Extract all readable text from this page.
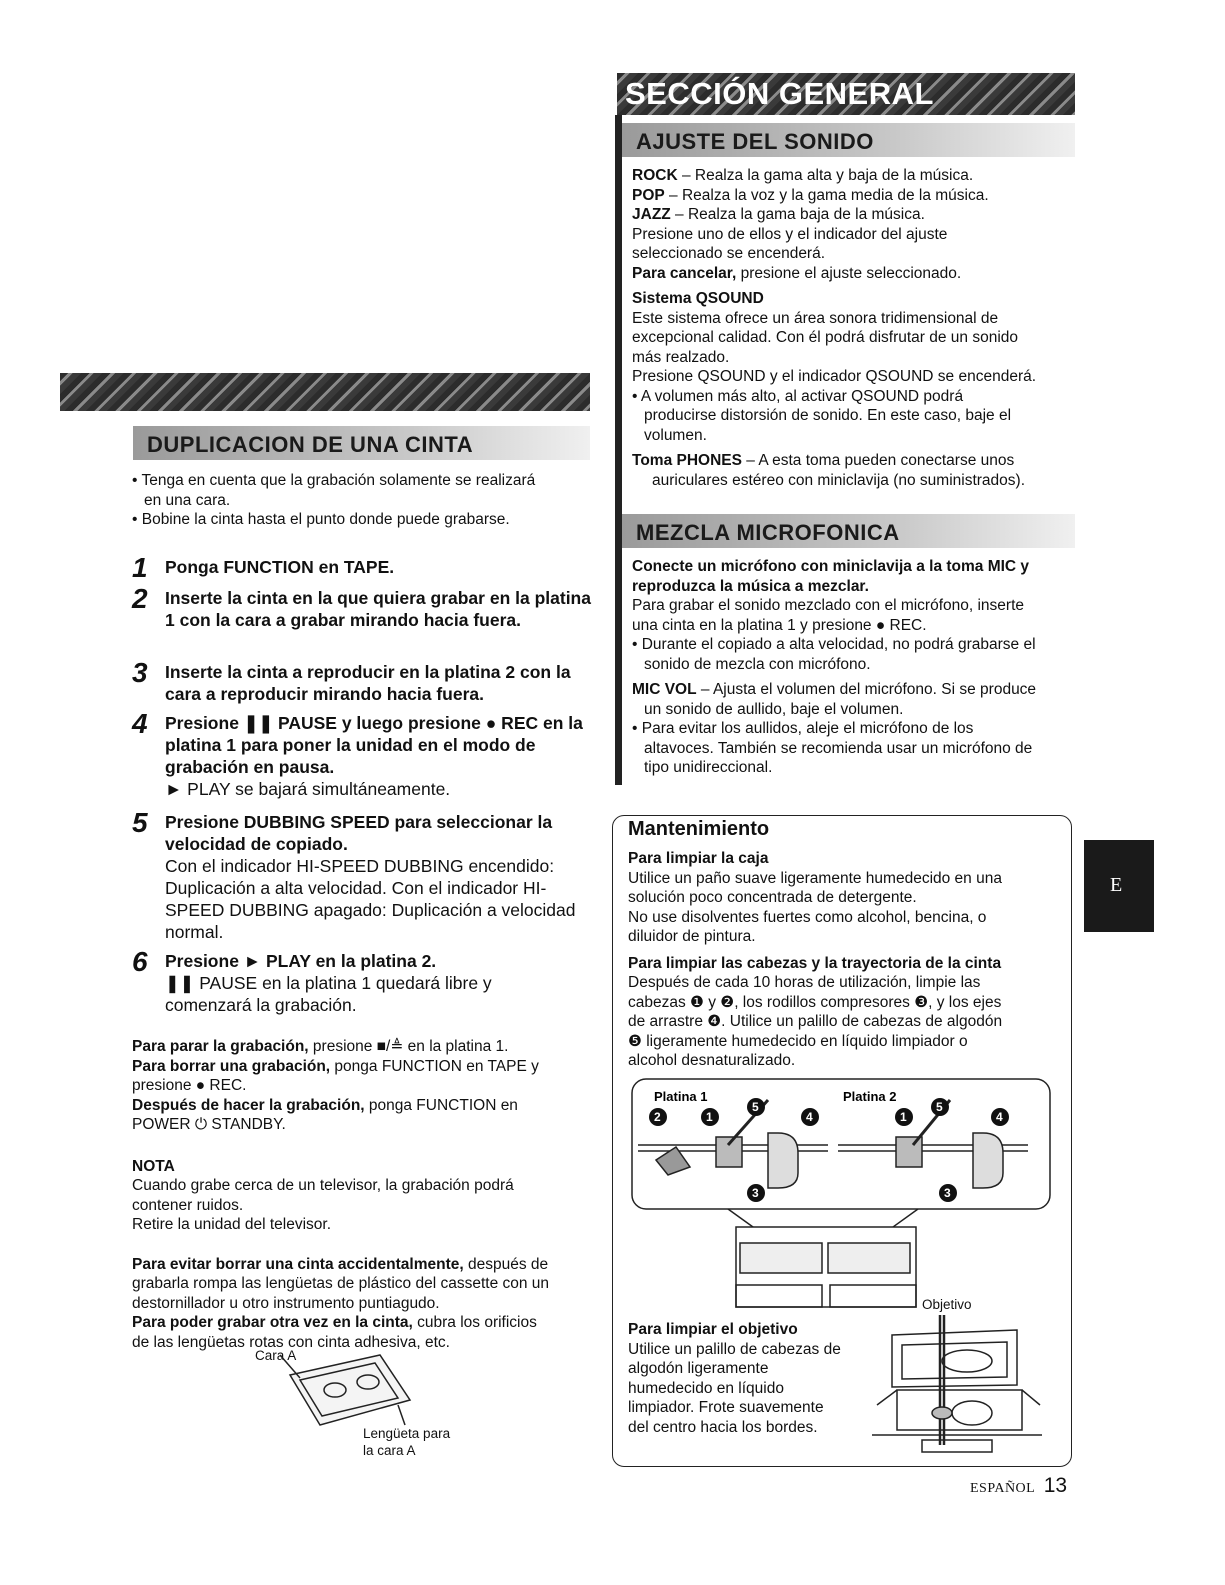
SECCIÓN GENERAL
AJUSTE DEL SONIDO

ROCK – Realza la gama alta y baja de la música.

POP – Realza la voz y la gama media de la música.

JAZZ – Realza la gama baja de la música.

Presione uno de ellos y el indicador del ajuste

seleccionado se encenderá.

Para cancelar, presione el ajuste seleccionado.

Sistema QSOUND

Este sistema ofrece un área sonora tridimensional de

excepcional calidad. Con él podrá disfrutar de un sonido

más realzado.

Presione QSOUND y el indicador QSOUND se encenderá.

• A volumen más alto, al activar QSOUND podrá

producirse distorsión de sonido. En este caso, baje el

volumen.

Toma PHONES – A esta toma pueden conectarse unos

auriculares estéreo con miniclavija (no suministrados).

MEZCLA MICROFONICA

Conecte un micrófono con miniclavija a la toma MIC y

reproduzca la música a mezclar.

Para grabar el sonido mezclado con el micrófono, inserte

una cinta en la platina 1 y presione ● REC.

• Durante el copiado a alta velocidad, no podrá grabarse el

sonido de mezcla con micrófono.

MIC VOL – Ajusta el volumen del micrófono. Si se produce

un sonido de aullido, baje el volumen.

• Para evitar los aullidos, aleje el micrófono de los

altavoces. También se recomienda usar un micrófono de

tipo unidireccional.

Mantenimiento

Para limpiar la caja

Utilice un paño suave ligeramente humedecido en una

solución poco concentrada de detergente.

No use disolventes fuertes como alcohol, bencina, o

diluidor de pintura.

Para limpiar las cabezas y la trayectoria de la cinta

Después de cada 10 horas de utilización, limpie las

cabezas ❶ y ❷, los rodillos compresores ❸, y los ejes

de arrastre ❹. Utilice un palillo de cabezas de algodón

❺ ligeramente humedecido en líquido limpiador o

alcohol desnaturalizado.

Platina 1	Platina 2
2	1
5
4
3
1
5
4
3
Objetivo

Para limpiar el objetivo

Utilice un palillo de cabezas de

algodón ligeramente

humedecido en líquido

limpiador. Frote suavemente

del centro hacia los bordes.

E
ESPAÑOL 13
DUPLICACION DE UNA CINTA

• Tenga en cuenta que la grabación solamente se realizará

en una cara.

• Bobine la cinta hasta el punto donde puede grabarse.

1 Ponga FUNCTION en TAPE.
2 Inserte la cinta en la que quiera grabar en la platina 1 con la cara a grabar mirando hacia fuera.
3 Inserte la cinta a reproducir en la platina 2 con la cara a reproducir mirando hacia fuera.
4 Presione ❚❚ PAUSE y luego presione ● REC en la platina 1 para poner la unidad en el modo de grabación en pausa.
► PLAY se bajará simultáneamente.
5 Presione DUBBING SPEED para seleccionar la velocidad de copiado.
Con el indicador HI-SPEED DUBBING encendido: Duplicación a alta velocidad. Con el indicador HI-SPEED DUBBING apagado: Duplicación a velocidad normal.
6 Presione ► PLAY en la platina 2.
❚❚ PAUSE en la platina 1 quedará libre y comenzará la grabación.

Para parar la grabación, presione ■/≜ en la platina 1.

Para borrar una grabación, ponga FUNCTION en TAPE y

presione ● REC.

Después de hacer la grabación, ponga FUNCTION en

POWER ⏻ STANDBY.

NOTA

Cuando grabe cerca de un televisor, la grabación podrá

contener ruidos.

Retire la unidad del televisor.

Para evitar borrar una cinta accidentalmente, después de

grabarla rompa las lengüetas de plástico del cassette con un

destornillador u otro instrumento puntiagudo.

Para poder grabar otra vez en la cinta, cubra los orificios

de las lengüetas rotas con cinta adhesiva, etc.

Cara A
Lengüeta para
la cara A
